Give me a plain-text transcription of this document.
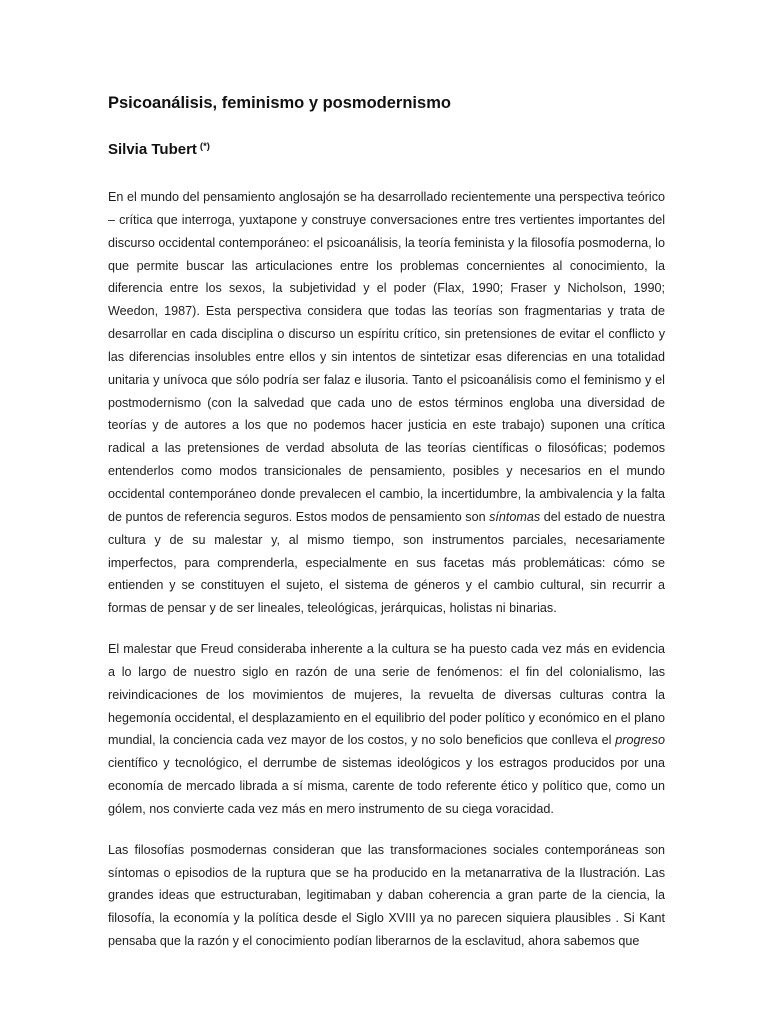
Psicoanálisis, feminismo y posmodernismo

Silvia Tubert (*)

En el mundo del pensamiento anglosajón se ha desarrollado recientemente una perspectiva teórico – crítica que interroga, yuxtapone y construye conversaciones entre tres vertientes importantes del discurso occidental contemporáneo: el psicoanálisis, la teoría feminista y la filosofía posmoderna, lo que permite buscar las articulaciones entre los problemas concernientes al conocimiento, la diferencia entre los sexos, la subjetividad y el poder (Flax, 1990; Fraser y Nicholson, 1990; Weedon, 1987). Esta perspectiva considera que todas las teorías son fragmentarias y trata de desarrollar en cada disciplina o discurso un espíritu crítico, sin pretensiones de evitar el conflicto y las diferencias insolubles entre ellos y sin intentos de sintetizar esas diferencias en una totalidad unitaria y unívoca que sólo podría ser falaz e ilusoria. Tanto el psicoanálisis como el feminismo y el postmodernismo (con la salvedad que cada uno de estos términos engloba una diversidad de teorías y de autores a los que no podemos hacer justicia en este trabajo) suponen una crítica radical a las pretensiones de verdad absoluta de las teorías científicas o filosóficas; podemos entenderlos como modos transicionales de pensamiento, posibles y necesarios en el mundo occidental contemporáneo donde prevalecen el cambio, la incertidumbre, la ambivalencia y la falta de puntos de referencia seguros. Estos modos de pensamiento son síntomas del estado de nuestra cultura y de su malestar y, al mismo tiempo, son instrumentos parciales, necesariamente imperfectos, para comprenderla, especialmente en sus facetas más problemáticas: cómo se entienden y se constituyen el sujeto, el sistema de géneros y el cambio cultural, sin recurrir a formas de pensar y de ser lineales, teleológicas, jerárquicas, holistas ni binarias.

El malestar que Freud consideraba inherente a la cultura se ha puesto cada vez más en evidencia a lo largo de nuestro siglo en razón de una serie de fenómenos: el fin del colonialismo, las reivindicaciones de los movimientos de mujeres, la revuelta de diversas culturas contra la hegemonía occidental, el desplazamiento en el equilibrio del poder político y económico en el plano mundial, la conciencia cada vez mayor de los costos, y no solo beneficios que conlleva el progreso científico y tecnológico, el derrumbe de sistemas ideológicos y los estragos producidos por una economía de mercado librada a sí misma, carente de todo referente ético y político que, como un gólem, nos convierte cada vez más en mero instrumento de su ciega voracidad.

Las filosofías posmodernas consideran que las transformaciones sociales contemporáneas son síntomas o episodios de la ruptura que se ha producido en la metanarrativa de la Ilustración. Las grandes ideas que estructuraban, legitimaban y daban coherencia a gran parte de la ciencia, la filosofía, la economía y la política desde el Siglo XVIII ya no parecen siquiera plausibles . Si Kant pensaba que la razón y el conocimiento podían liberarnos de la esclavitud, ahora sabemos que
